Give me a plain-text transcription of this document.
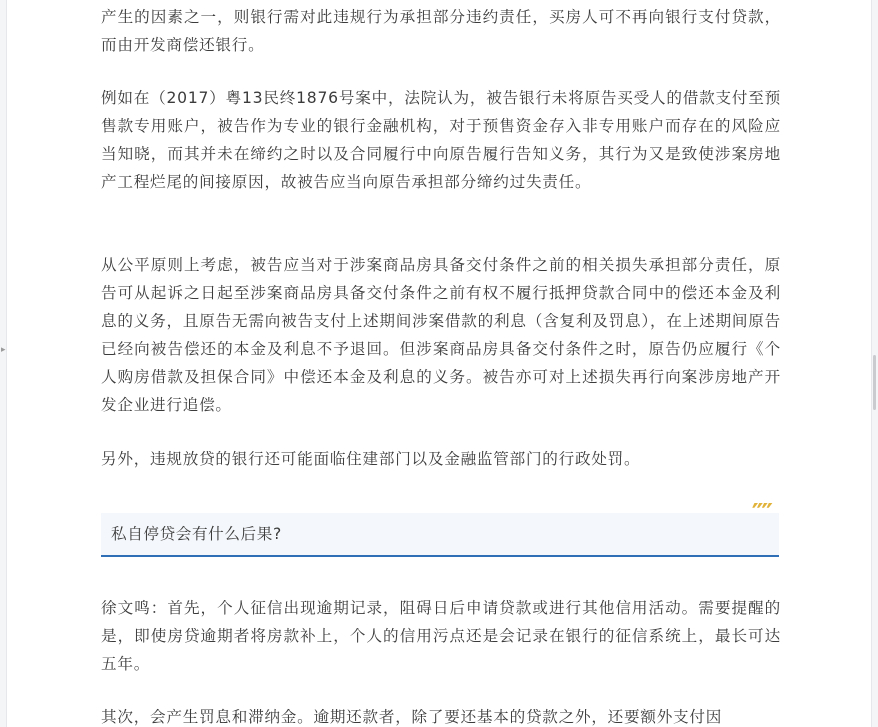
▸

产生的因素之一，则银行需对此违规行为承担部分违约责任，买房人可不再向银行支付贷款，而由开发商偿还银行。

例如在（2017）粤13民终1876号案中，法院认为，被告银行未将原告买受人的借款支付至预售款专用账户，被告作为专业的银行金融机构，对于预售资金存入非专用账户而存在的风险应当知晓，而其并未在缔约之时以及合同履行中向原告履行告知义务，其行为又是致使涉案房地产工程烂尾的间接原因，故被告应当向原告承担部分缔约过失责任。

从公平原则上考虑，被告应当对于涉案商品房具备交付条件之前的相关损失承担部分责任，原告可从起诉之日起至涉案商品房具备交付条件之前有权不履行抵押贷款合同中的偿还本金及利息的义务，且原告无需向被告支付上述期间涉案借款的利息（含复利及罚息），在上述期间原告已经向被告偿还的本金及利息不予退回。但涉案商品房具备交付条件之时，原告仍应履行《个人购房借款及担保合同》中偿还本金及利息的义务。被告亦可对上述损失再行向案涉房地产开发企业进行追偿。

另外，违规放贷的银行还可能面临住建部门以及金融监管部门的行政处罚。

″″
私自停贷会有什么后果?

徐文鸣：首先，个人征信出现逾期记录，阻碍日后申请贷款或进行其他信用活动。需要提醒的是，即使房贷逾期者将房款补上，个人的信用污点还是会记录在银行的征信系统上，最长可达五年。

其次，会产生罚息和滞纳金。逾期还款者，除了要还基本的贷款之外，还要额外支付因
